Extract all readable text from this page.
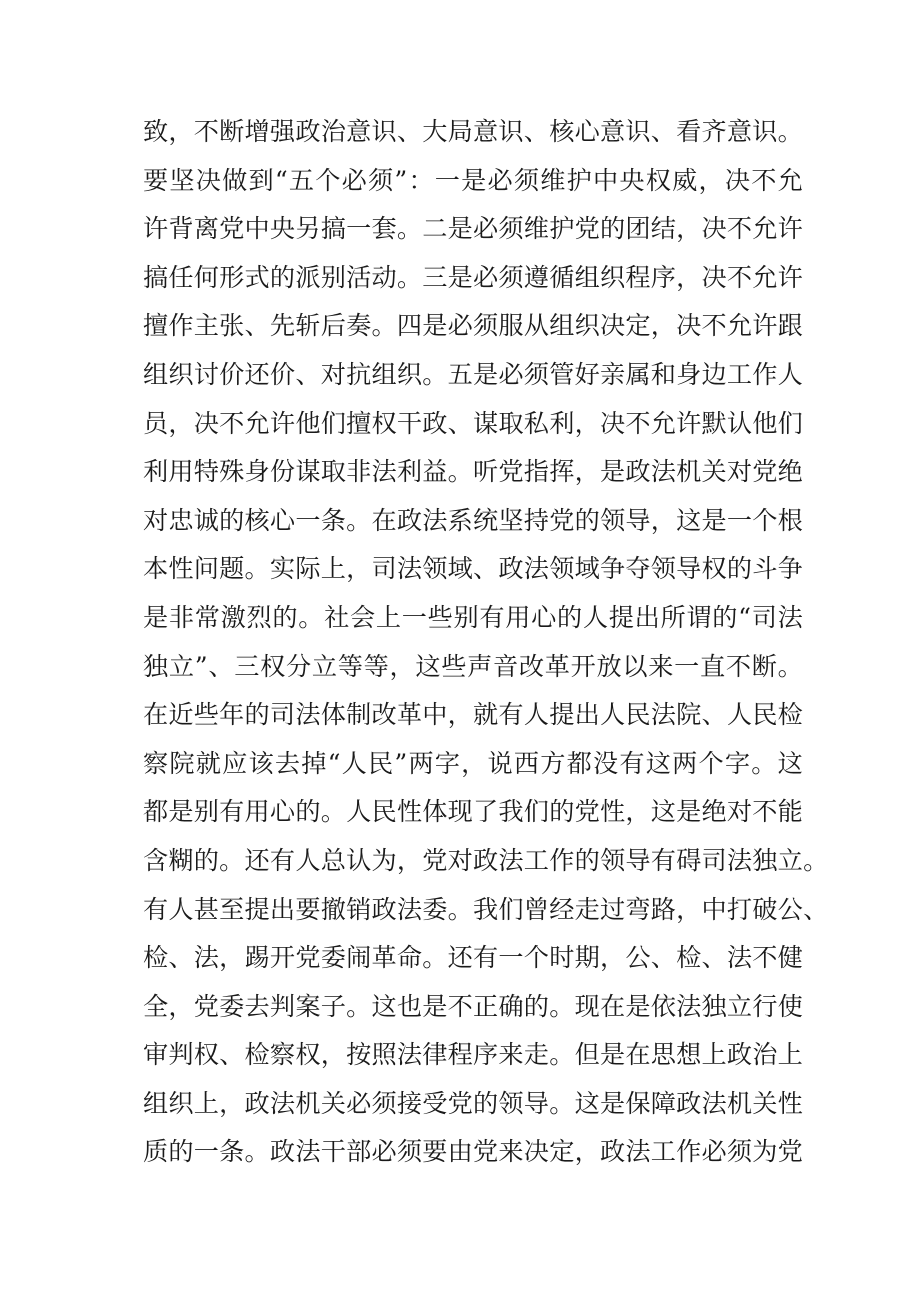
致，不断增强政治意识、大局意识、核心意识、看齐意识。
要坚决做到“五个必须”：一是必须维护中央权威，决不允
许背离党中央另搞一套。二是必须维护党的团结，决不允许
搞任何形式的派别活动。三是必须遵循组织程序，决不允许
擅作主张、先斩后奏。四是必须服从组织决定，决不允许跟
组织讨价还价、对抗组织。五是必须管好亲属和身边工作人
员，决不允许他们擅权干政、谋取私利，决不允许默认他们
利用特殊身份谋取非法利益。听党指挥，是政法机关对党绝
对忠诚的核心一条。在政法系统坚持党的领导，这是一个根
本性问题。实际上，司法领域、政法领域争夺领导权的斗争
是非常激烈的。社会上一些别有用心的人提出所谓的“司法
独立”、三权分立等等，这些声音改革开放以来一直不断。
在近些年的司法体制改革中，就有人提出人民法院、人民检
察院就应该去掉“人民”两字，说西方都没有这两个字。这
都是别有用心的。人民性体现了我们的党性，这是绝对不能
含糊的。还有人总认为，党对政法工作的领导有碍司法独立。
有人甚至提出要撤销政法委。我们曾经走过弯路，中打破公、
检、法，踢开党委闹革命。还有一个时期，公、检、法不健
全，党委去判案子。这也是不正确的。现在是依法独立行使
审判权、检察权，按照法律程序来走。但是在思想上政治上
组织上，政法机关必须接受党的领导。这是保障政法机关性
质的一条。政法干部必须要由党来决定，政法工作必须为党
